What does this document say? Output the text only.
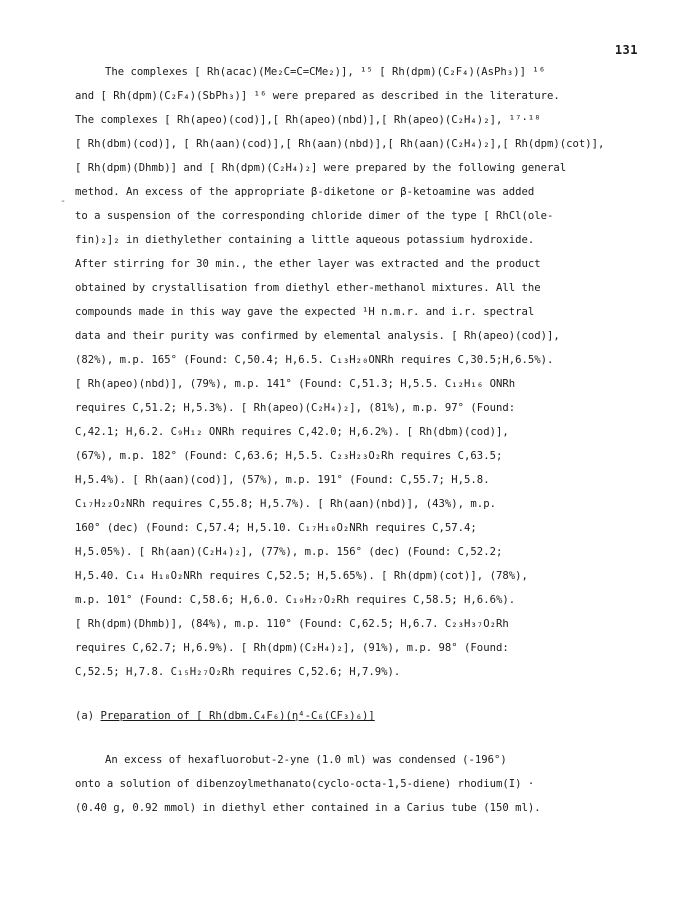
131
-

The complexes [ Rh(acac)(Me₂C=C=CMe₂)], ¹⁵ [ Rh(dpm)(C₂F₄)(AsPh₃)] ¹⁶

and [ Rh(dpm)(C₂F₄)(SbPh₃)] ¹⁶ were prepared as described in the literature.

The complexes [ Rh(apeo)(cod)],[ Rh(apeo)(nbd)],[ Rh(apeo)(C₂H₄)₂], ¹⁷·¹⁸

[ Rh(dbm)(cod)], [ Rh(aan)(cod)],[ Rh(aan)(nbd)],[ Rh(aan)(C₂H₄)₂],[ Rh(dpm)(cot)],

[ Rh(dpm)(Dhmb)] and [ Rh(dpm)(C₂H₄)₂] were prepared by the following general

method. An excess of the appropriate β-diketone or β-ketoamine was added

to a suspension of the corresponding chloride dimer of the type [ RhCl(ole-

fin)₂]₂ in diethylether containing a little aqueous potassium hydroxide.

After stirring for 30 min., the ether layer was extracted and the product

obtained by crystallisation from diethyl ether-methanol mixtures. All the

compounds made in this way gave the expected ¹H n.m.r. and i.r. spectral

data and their purity was confirmed by elemental analysis. [ Rh(apeo)(cod)],

(82%), m.p. 165° (Found: C,50.4; H,6.5. C₁₃H₂₀ONRh requires C,30.5;H,6.5%).

[ Rh(apeo)(nbd)], (79%), m.p. 141° (Found: C,51.3; H,5.5. C₁₂H₁₆ ONRh

requires C,51.2; H,5.3%). [ Rh(apeo)(C₂H₄)₂], (81%), m.p. 97° (Found:

C,42.1; H,6.2. C₉H₁₂ ONRh requires C,42.0; H,6.2%). [ Rh(dbm)(cod)],

(67%), m.p. 182° (Found: C,63.6; H,5.5. C₂₃H₂₃O₂Rh requires C,63.5;

H,5.4%). [ Rh(aan)(cod)], (57%), m.p. 191° (Found: C,55.7; H,5.8.

C₁₇H₂₂O₂NRh requires C,55.8; H,5.7%). [ Rh(aan)(nbd)], (43%), m.p.

160° (dec) (Found: C,57.4; H,5.10. C₁₇H₁₈O₂NRh requires C,57.4;

H,5.05%). [ Rh(aan)(C₂H₄)₂], (77%), m.p. 156° (dec) (Found: C,52.2;

H,5.40. C₁₄ H₁₈O₂NRh requires C,52.5; H,5.65%). [ Rh(dpm)(cot)], (78%),

m.p. 101° (Found: C,58.6; H,6.0. C₁₉H₂₇O₂Rh requires C,58.5; H,6.6%).

[ Rh(dpm)(Dhmb)], (84%), m.p. 110° (Found: C,62.5; H,6.7. C₂₃H₃₇O₂Rh

requires C,62.7; H,6.9%). [ Rh(dpm)(C₂H₄)₂], (91%), m.p. 98° (Found:

C,52.5; H,7.8. C₁₅H₂₇O₂Rh requires C,52.6; H,7.9%).

(a) Preparation of [ Rh(dbm.C₄F₆)(η⁴-C₆(CF₃)₆)]

An excess of hexafluorobut-2-yne (1.0 ml) was condensed (-196°)

onto a solution of dibenzoylmethanato(cyclo-octa-1,5-diene) rhodium(I) ·

(0.40 g, 0.92 mmol) in diethyl ether contained in a Carius tube (150 ml).
